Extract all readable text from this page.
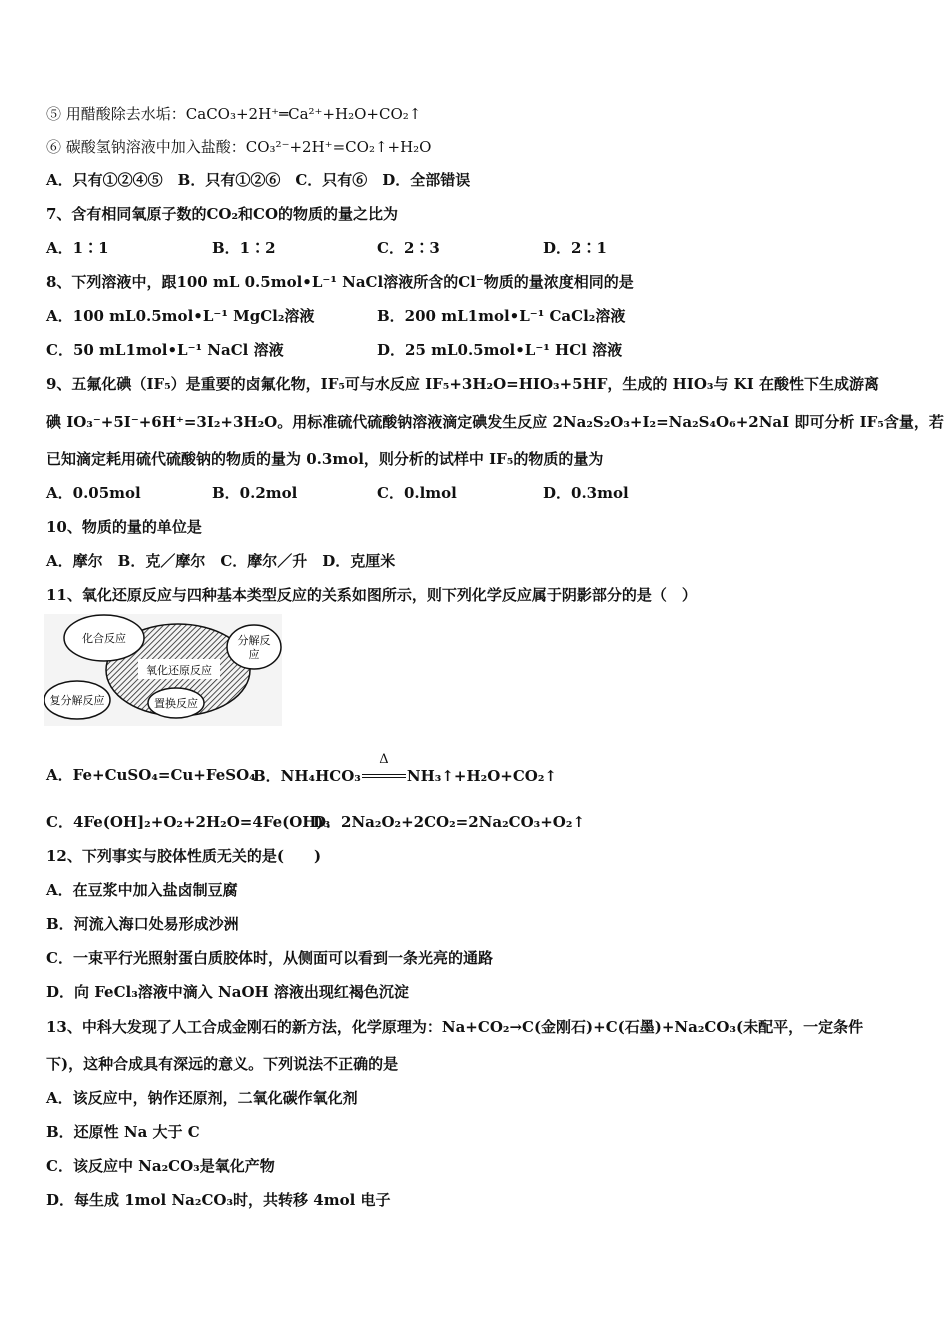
⑤ 用醋酸除去水垢：CaCO₃+2H⁺═Ca²⁺+H₂O+CO₂↑
⑥ 碳酸氢钠溶液中加入盐酸：CO₃²⁻+2H⁺=CO₂↑+H₂O
A．只有①②④⑤　B．只有①②⑥　C．只有⑥　D．全部错误
7、含有相同氧原子数的CO₂和CO的物质的量之比为
A．1∶1	B．1∶2	C．2∶3	D．2∶1
8、下列溶液中，跟100 mL 0.5mol•L⁻¹ NaCl溶液所含的Cl⁻物质的量浓度相同的是
A．100 mL0.5mol•L⁻¹ MgCl₂溶液	B．200 mL1mol•L⁻¹ CaCl₂溶液
C．50 mL1mol•L⁻¹ NaCl 溶液	D．25 mL0.5mol•L⁻¹ HCl 溶液
9、五氟化碘（IF₅）是重要的卤氟化物，IF₅可与水反应 IF₅+3H₂O=HIO₃+5HF，生成的 HIO₃与 KI 在酸性下生成游离
碘 IO₃⁻+5I⁻+6H⁺=3I₂+3H₂O。用标准硫代硫酸钠溶液滴定碘发生反应 2Na₂S₂O₃+I₂=Na₂S₄O₆+2NaI 即可分析 IF₅含量，若
已知滴定耗用硫代硫酸钠的物质的量为 0.3mol，则分析的试样中 IF₅的物质的量为
A．0.05mol	B．0.2mol	C．0.lmol	D．0.3mol
10、物质的量的单位是
A．摩尔　B．克／摩尔　C．摩尔／升　D．克厘米
11、氧化还原反应与四种基本类型反应的关系如图所示，则下列化学反应属于阴影部分的是（　）
氧化还原反应
化合反应	分解反
应
复分解反应	置换反应
A．Fe+CuSO₄=Cu+FeSO₄
B．NH₄HCO₃
Δ
NH₃↑+H₂O+CO₂↑
C．4Fe(OH]₂+O₂+2H₂O=4Fe(OH)₃
D．2Na₂O₂+2CO₂=2Na₂CO₃+O₂↑
12、下列事实与胶体性质无关的是(　　)
A．在豆浆中加入盐卤制豆腐
B．河流入海口处易形成沙洲
C．一束平行光照射蛋白质胶体时，从侧面可以看到一条光亮的通路
D．向 FeCl₃溶液中滴入 NaOH 溶液出现红褐色沉淀
13、中科大发现了人工合成金刚石的新方法，化学原理为：Na+CO₂→C(金刚石)+C(石墨)+Na₂CO₃(未配平，一定条件
下)，这种合成具有深远的意义。下列说法不正确的是
A．该反应中，钠作还原剂，二氧化碳作氧化剂
B．还原性 Na 大于 C
C．该反应中 Na₂CO₃是氧化产物
D．每生成 1mol Na₂CO₃时，共转移 4mol 电子
